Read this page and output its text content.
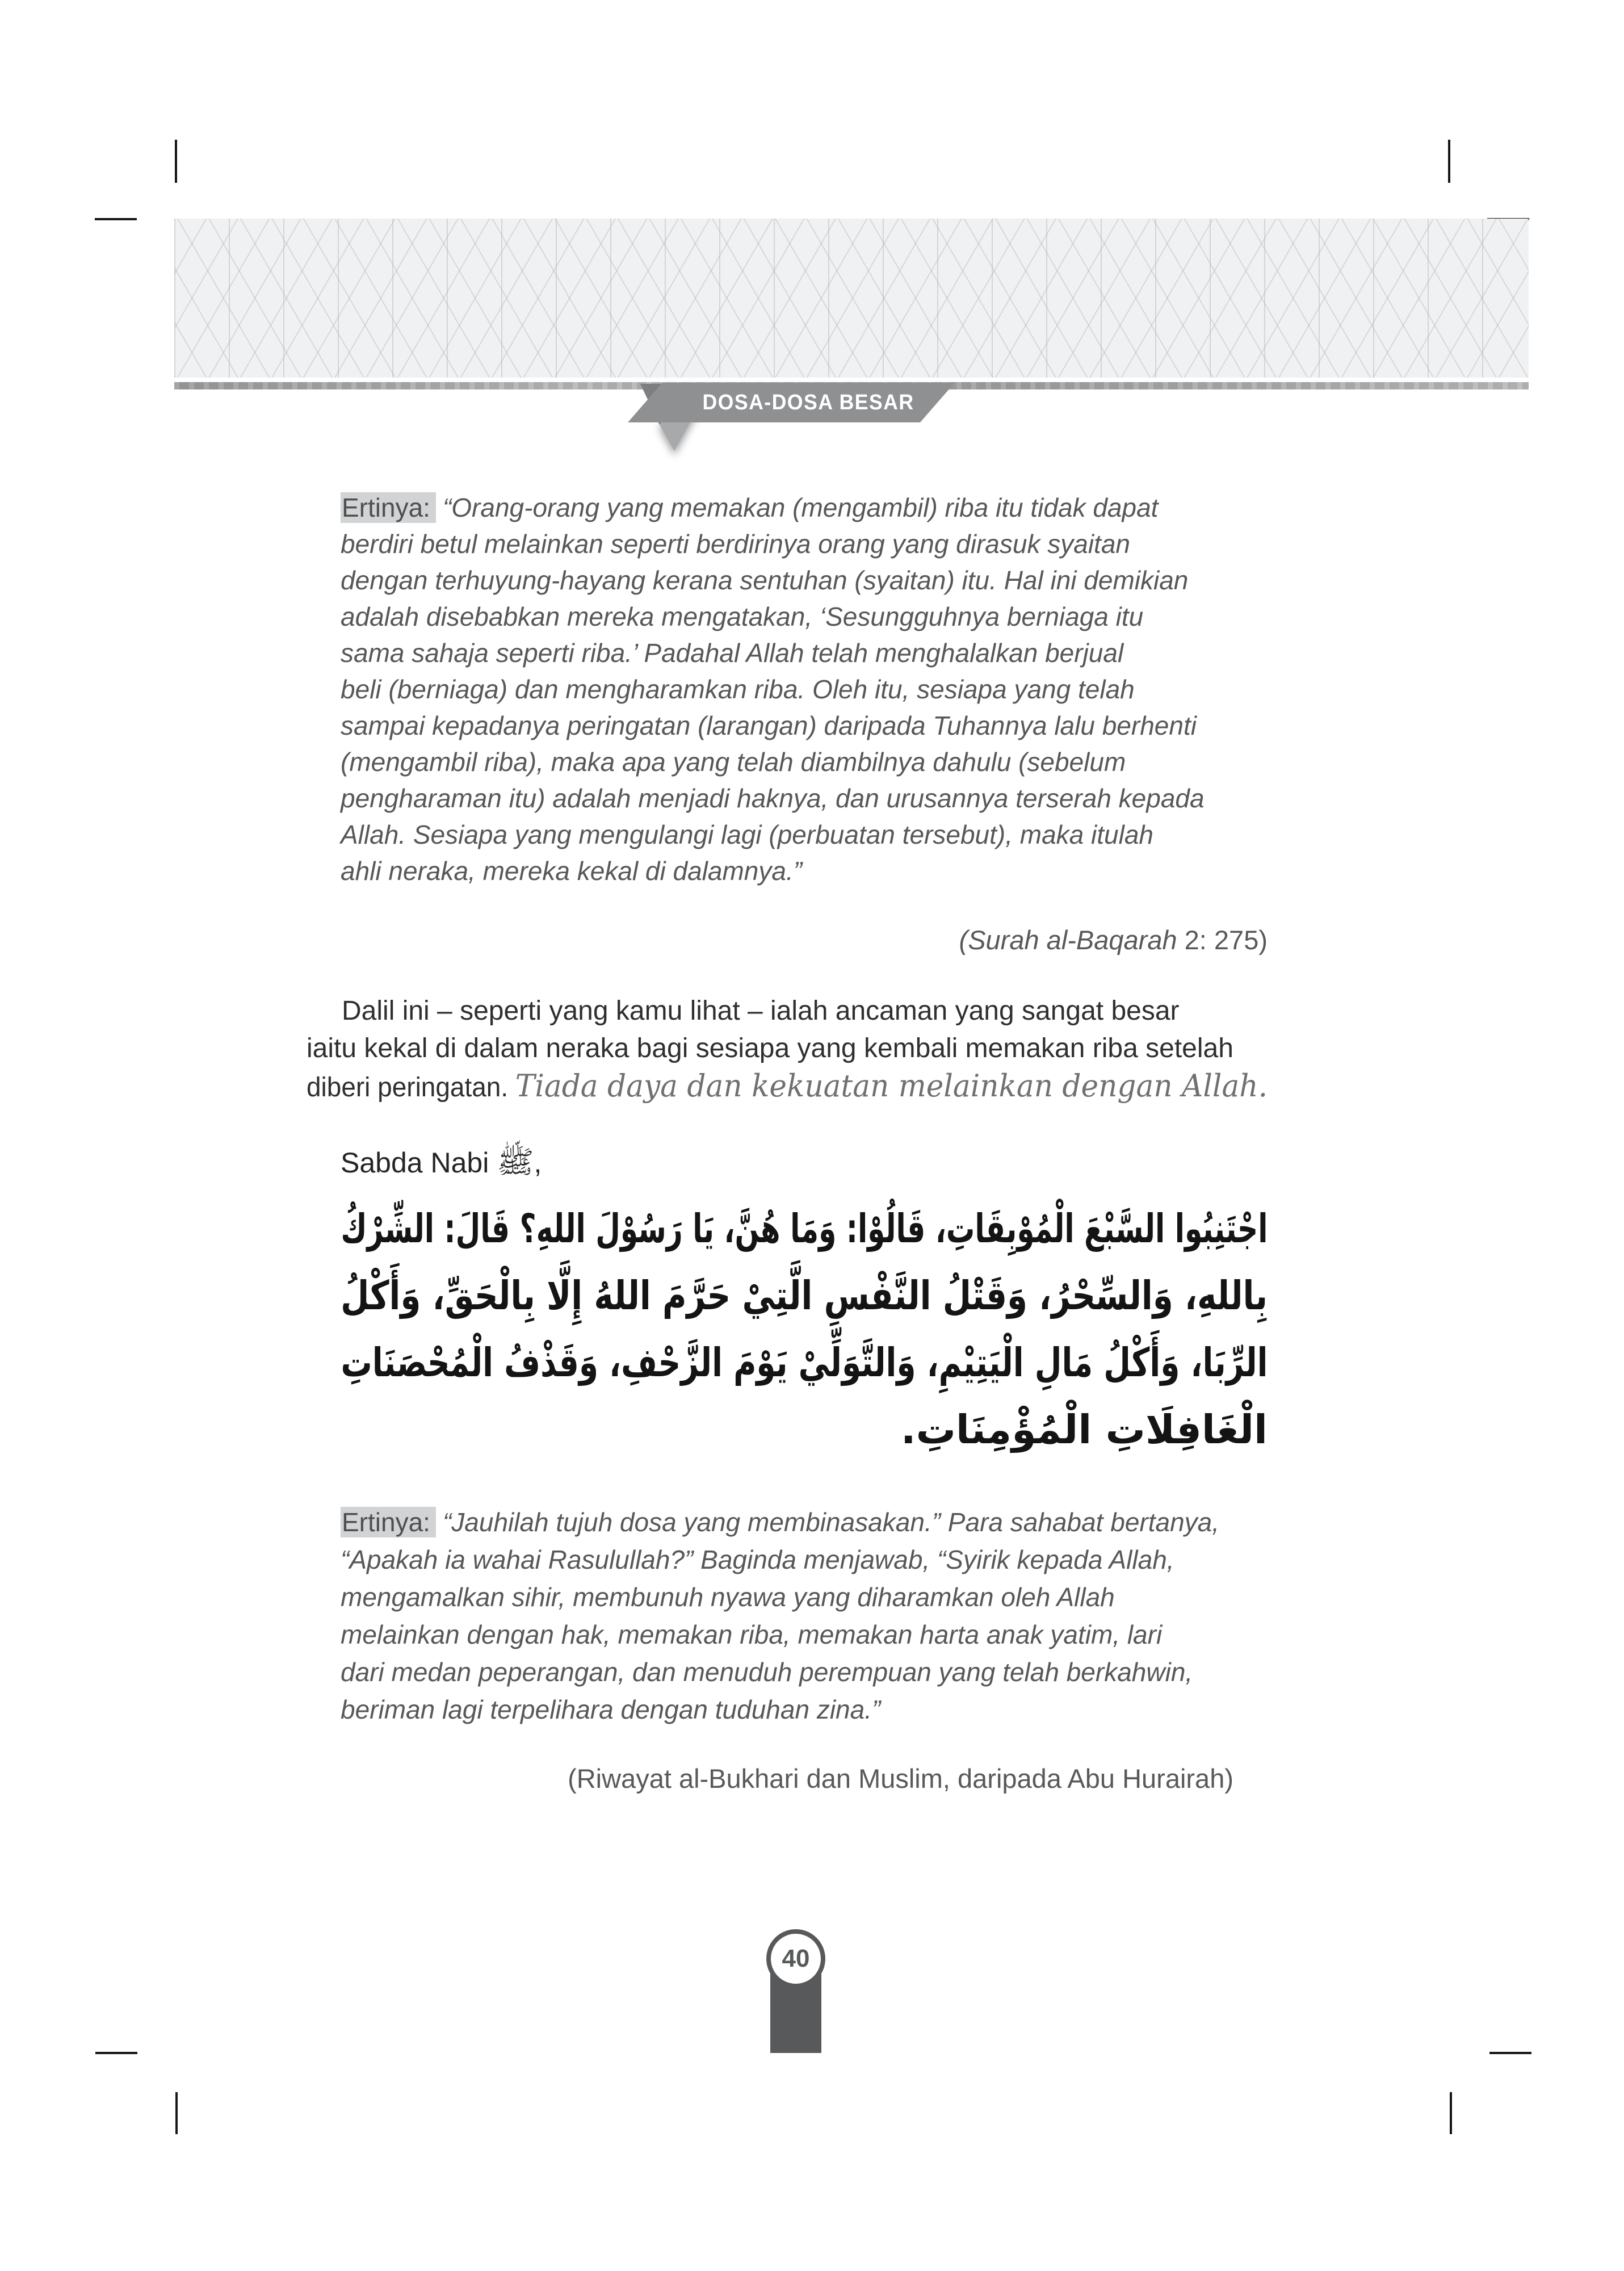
DOSA-DOSA BESAR
Ertinya: “Orang-orang yang memakan (mengambil) riba itu tidak dapat
berdiri betul melainkan seperti berdirinya orang yang dirasuk syaitan
dengan terhuyung-hayang kerana sentuhan (syaitan) itu. Hal ini demikian
adalah disebabkan mereka mengatakan, ‘Sesungguhnya berniaga itu
sama sahaja seperti riba.’ Padahal Allah telah menghalalkan berjual
beli (berniaga) dan mengharamkan riba. Oleh itu, sesiapa yang telah
sampai kepadanya peringatan (larangan) daripada Tuhannya lalu berhenti
(mengambil riba), maka apa yang telah diambilnya dahulu (sebelum
pengharaman itu) adalah menjadi haknya, dan urusannya terserah kepada
Allah. Sesiapa yang mengulangi lagi (perbuatan tersebut), maka itulah
ahli neraka, mereka kekal di dalamnya.”
(Surah al-Baqarah 2: 275)
Dalil ini – seperti yang kamu lihat – ialah ancaman yang sangat besar
iaitu kekal di dalam neraka bagi sesiapa yang kembali memakan riba setelah
diberi peringatan. Tiada daya dan kekuatan melainkan dengan Allah.
Sabda Nabi ﷺ,
اجْتَنِبُوا السَّبْعَ الْمُوْبِقَاتِ، قَالُوْا: وَمَا هُنَّ، يَا رَسُوْلَ اللهِ؟ قَالَ: الشِّرْكُ
بِاللهِ، وَالسِّحْرُ، وَقَتْلُ النَّفْسِ الَّتِيْ حَرَّمَ اللهُ إِلَّا بِالْحَقِّ، وَأَكْلُ
الرِّبَا، وَأَكْلُ مَالِ الْيَتِيْمِ، وَالتَّوَلِّيْ يَوْمَ الزَّحْفِ، وَقَذْفُ الْمُحْصَنَاتِ
الْغَافِلَاتِ الْمُؤْمِنَاتِ.
Ertinya: “Jauhilah tujuh dosa yang membinasakan.” Para sahabat bertanya,
“Apakah ia wahai Rasulullah?” Baginda menjawab, “Syirik kepada Allah,
mengamalkan sihir, membunuh nyawa yang diharamkan oleh Allah
melainkan dengan hak, memakan riba, memakan harta anak yatim, lari
dari medan peperangan, dan menuduh perempuan yang telah berkahwin,
beriman lagi terpelihara dengan tuduhan zina.”
(Riwayat al-Bukhari dan Muslim, daripada Abu Hurairah)
40
